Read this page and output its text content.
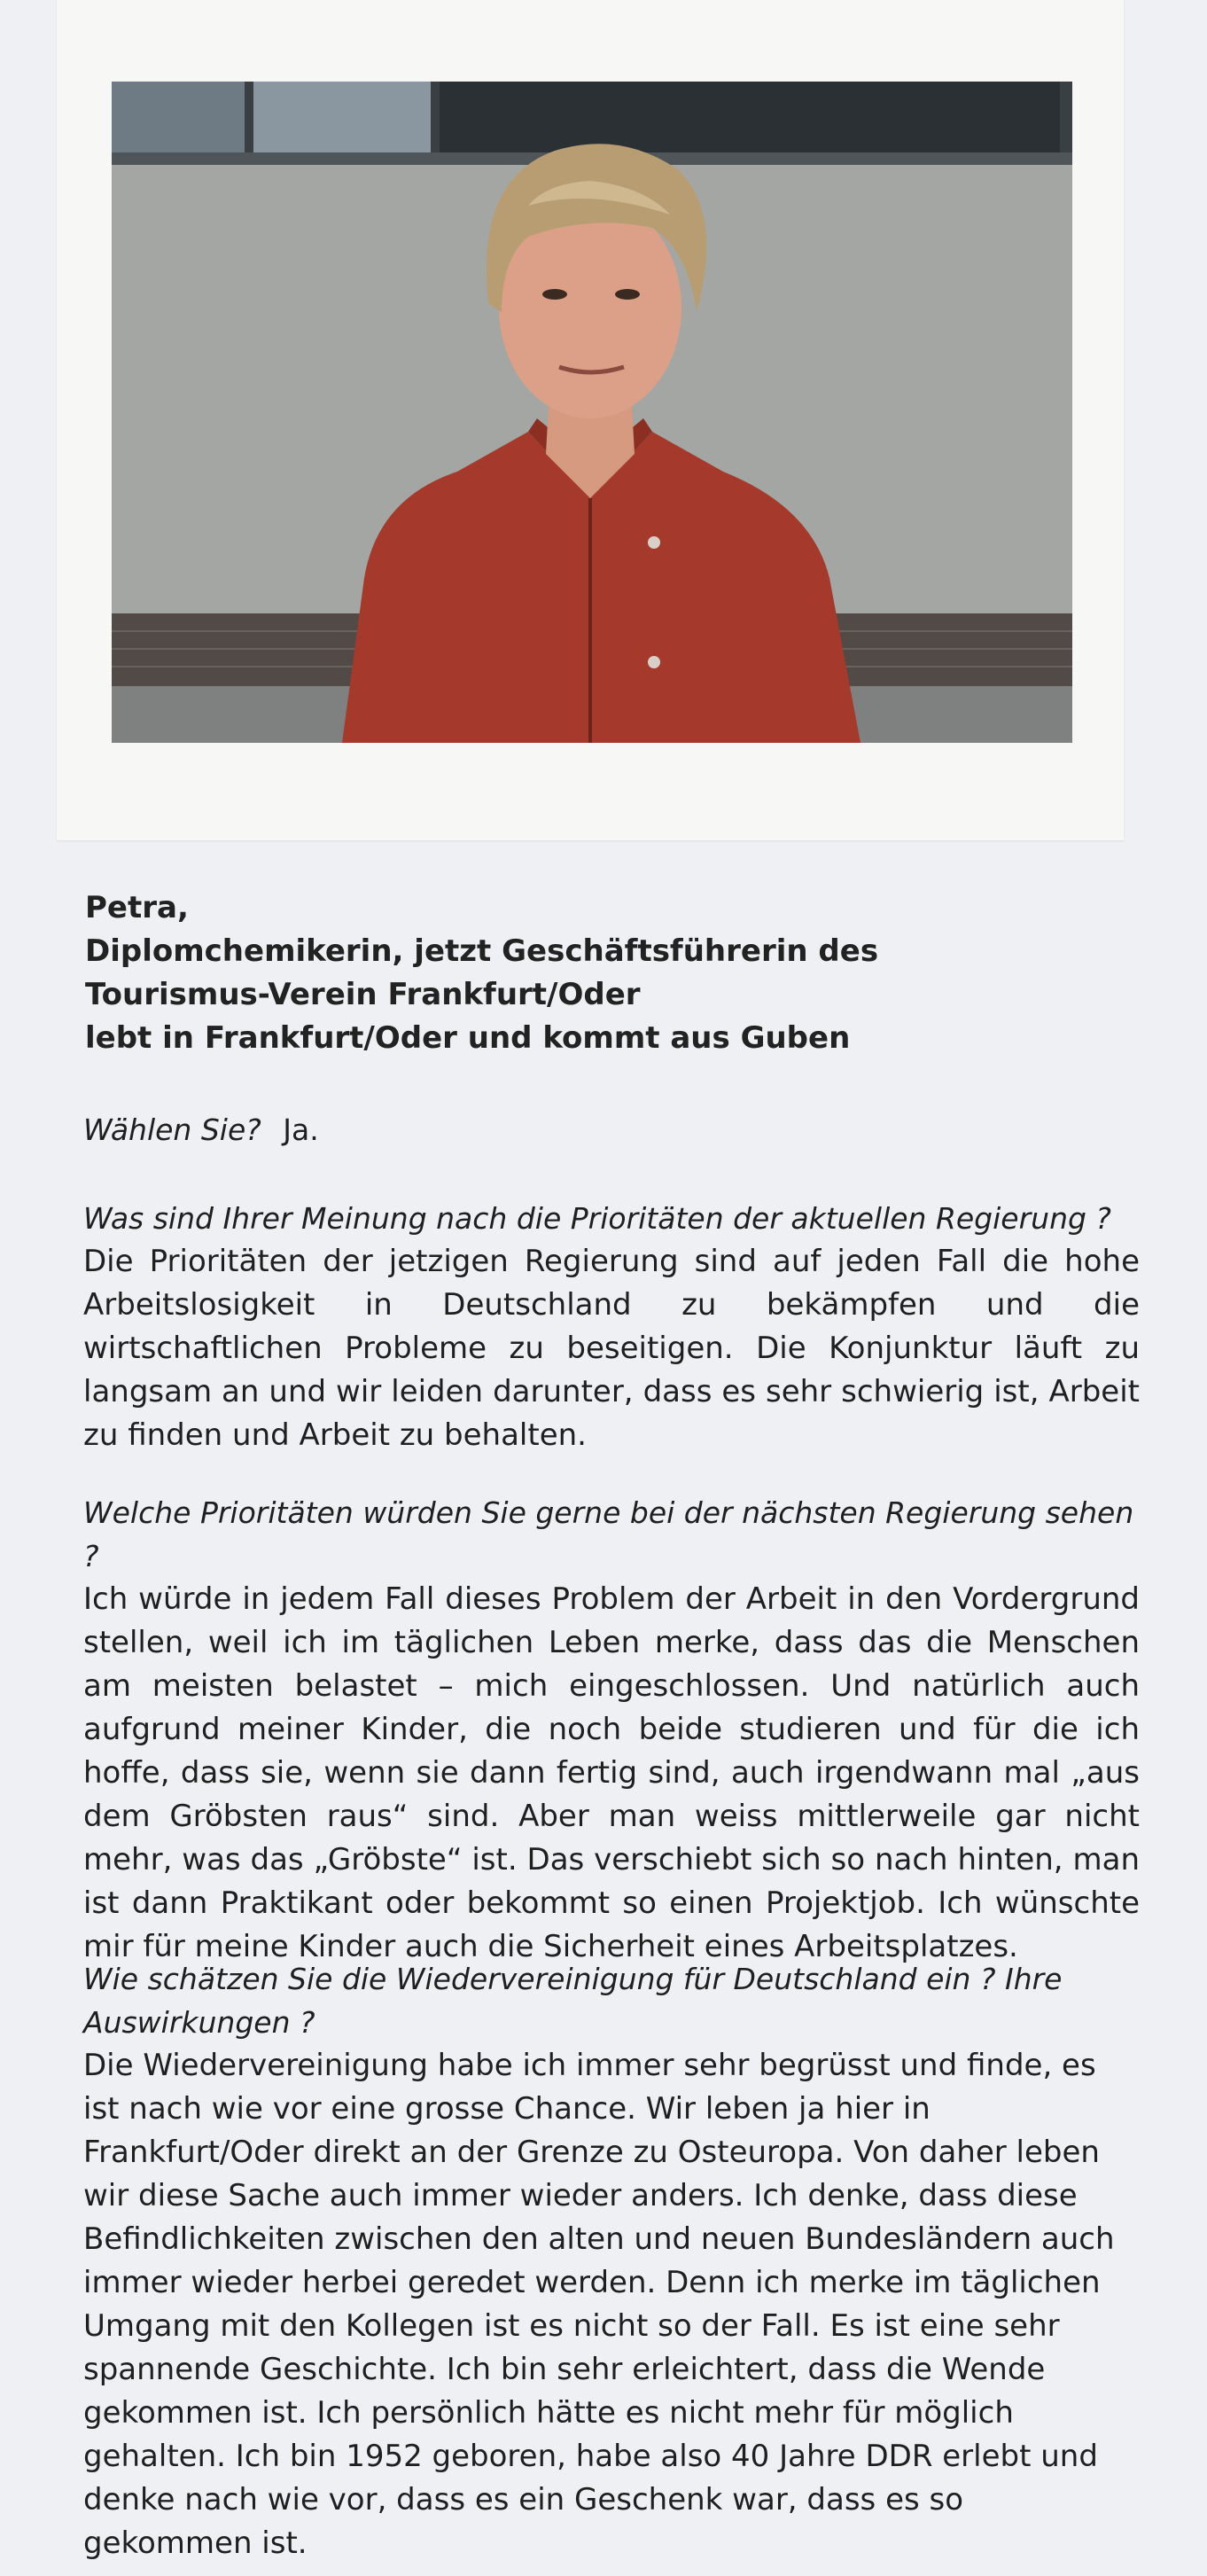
Petra,
Diplomchemikerin, jetzt Geschäftsführerin des
Tourismus-Verein Frankfurt/Oder
lebt in Frankfurt/Oder und kommt aus Guben
Wählen Sie? Ja.
Was sind Ihrer Meinung nach die Prioritäten der aktuellen Regierung ?
Die Prioritäten der jetzigen Regierung sind auf jeden Fall die hohe Arbeitslosigkeit in Deutschland zu bekämpfen und die wirtschaftlichen Probleme zu beseitigen. Die Konjunktur läuft zu langsam an und wir leiden darunter, dass es sehr schwierig ist, Arbeit zu finden und Arbeit zu behalten.
Welche Prioritäten würden Sie gerne bei der nächsten Regierung sehen ?
Ich würde in jedem Fall dieses Problem der Arbeit in den Vordergrund stellen, weil ich im täglichen Leben merke, dass das die Menschen am meisten belastet – mich eingeschlossen. Und natürlich auch aufgrund meiner Kinder, die noch beide studieren und für die ich hoffe, dass sie, wenn sie dann fertig sind, auch irgendwann mal „aus dem Gröbsten raus“ sind. Aber man weiss mittlerweile gar nicht mehr, was das „Gröbste“ ist. Das verschiebt sich so nach hinten, man ist dann Praktikant oder bekommt so einen Projektjob. Ich wünschte mir für meine Kinder auch die Sicherheit eines Arbeitsplatzes.
Wie schätzen Sie die Wiedervereinigung für Deutschland ein ? Ihre Auswirkungen ?
Die Wiedervereinigung habe ich immer sehr begrüsst und finde, es ist nach wie vor eine grosse Chance. Wir leben ja hier in Frankfurt/Oder direkt an der Grenze zu Osteuropa. Von daher leben wir diese Sache auch immer wieder anders. Ich denke, dass diese Befindlichkeiten zwischen den alten und neuen Bundesländern auch immer wieder herbei geredet werden. Denn ich merke im täglichen Umgang mit den Kollegen ist es nicht so der Fall. Es ist eine sehr spannende Geschichte. Ich bin sehr erleichtert, dass die Wende gekommen ist. Ich persönlich hätte es nicht mehr für möglich gehalten. Ich bin 1952 geboren, habe also 40 Jahre DDR erlebt und denke nach wie vor, dass es ein Geschenk war, dass es so gekommen ist.
